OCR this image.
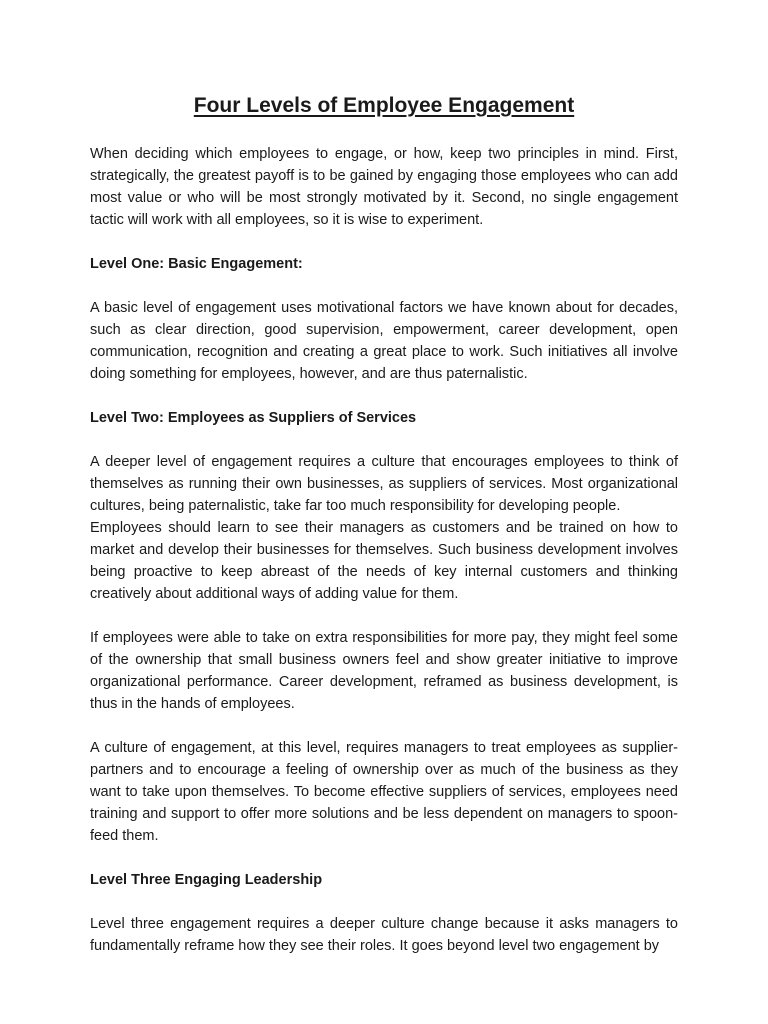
Four Levels of Employee Engagement

When deciding which employees to engage, or how, keep two principles in mind. First, strategically, the greatest payoff is to be gained by engaging those employees who can add most value or who will be most strongly motivated by it. Second, no single engagement tactic will work with all employees, so it is wise to experiment.

Level One: Basic Engagement:

A basic level of engagement uses motivational factors we have known about for decades, such as clear direction, good supervision, empowerment, career development, open communication, recognition and creating a great place to work. Such initiatives all involve doing something for employees, however, and are thus paternalistic.

Level Two: Employees as Suppliers of Services

A deeper level of engagement requires a culture that encourages employees to think of themselves as running their own businesses, as suppliers of services. Most organizational cultures, being paternalistic, take far too much responsibility for developing people.

Employees should learn to see their managers as customers and be trained on how to market and develop their businesses for themselves. Such business development involves being proactive to keep abreast of the needs of key internal customers and thinking creatively about additional ways of adding value for them.

If employees were able to take on extra responsibilities for more pay, they might feel some of the ownership that small business owners feel and show greater initiative to improve organizational performance. Career development, reframed as business development, is thus in the hands of employees.

A culture of engagement, at this level, requires managers to treat employees as supplier-partners and to encourage a feeling of ownership over as much of the business as they want to take upon themselves. To become effective suppliers of services, employees need training and support to offer more solutions and be less dependent on managers to spoon-feed them.

Level Three Engaging Leadership

Level three engagement requires a deeper culture change because it asks managers to fundamentally reframe how they see their roles. It goes beyond level two engagement by
